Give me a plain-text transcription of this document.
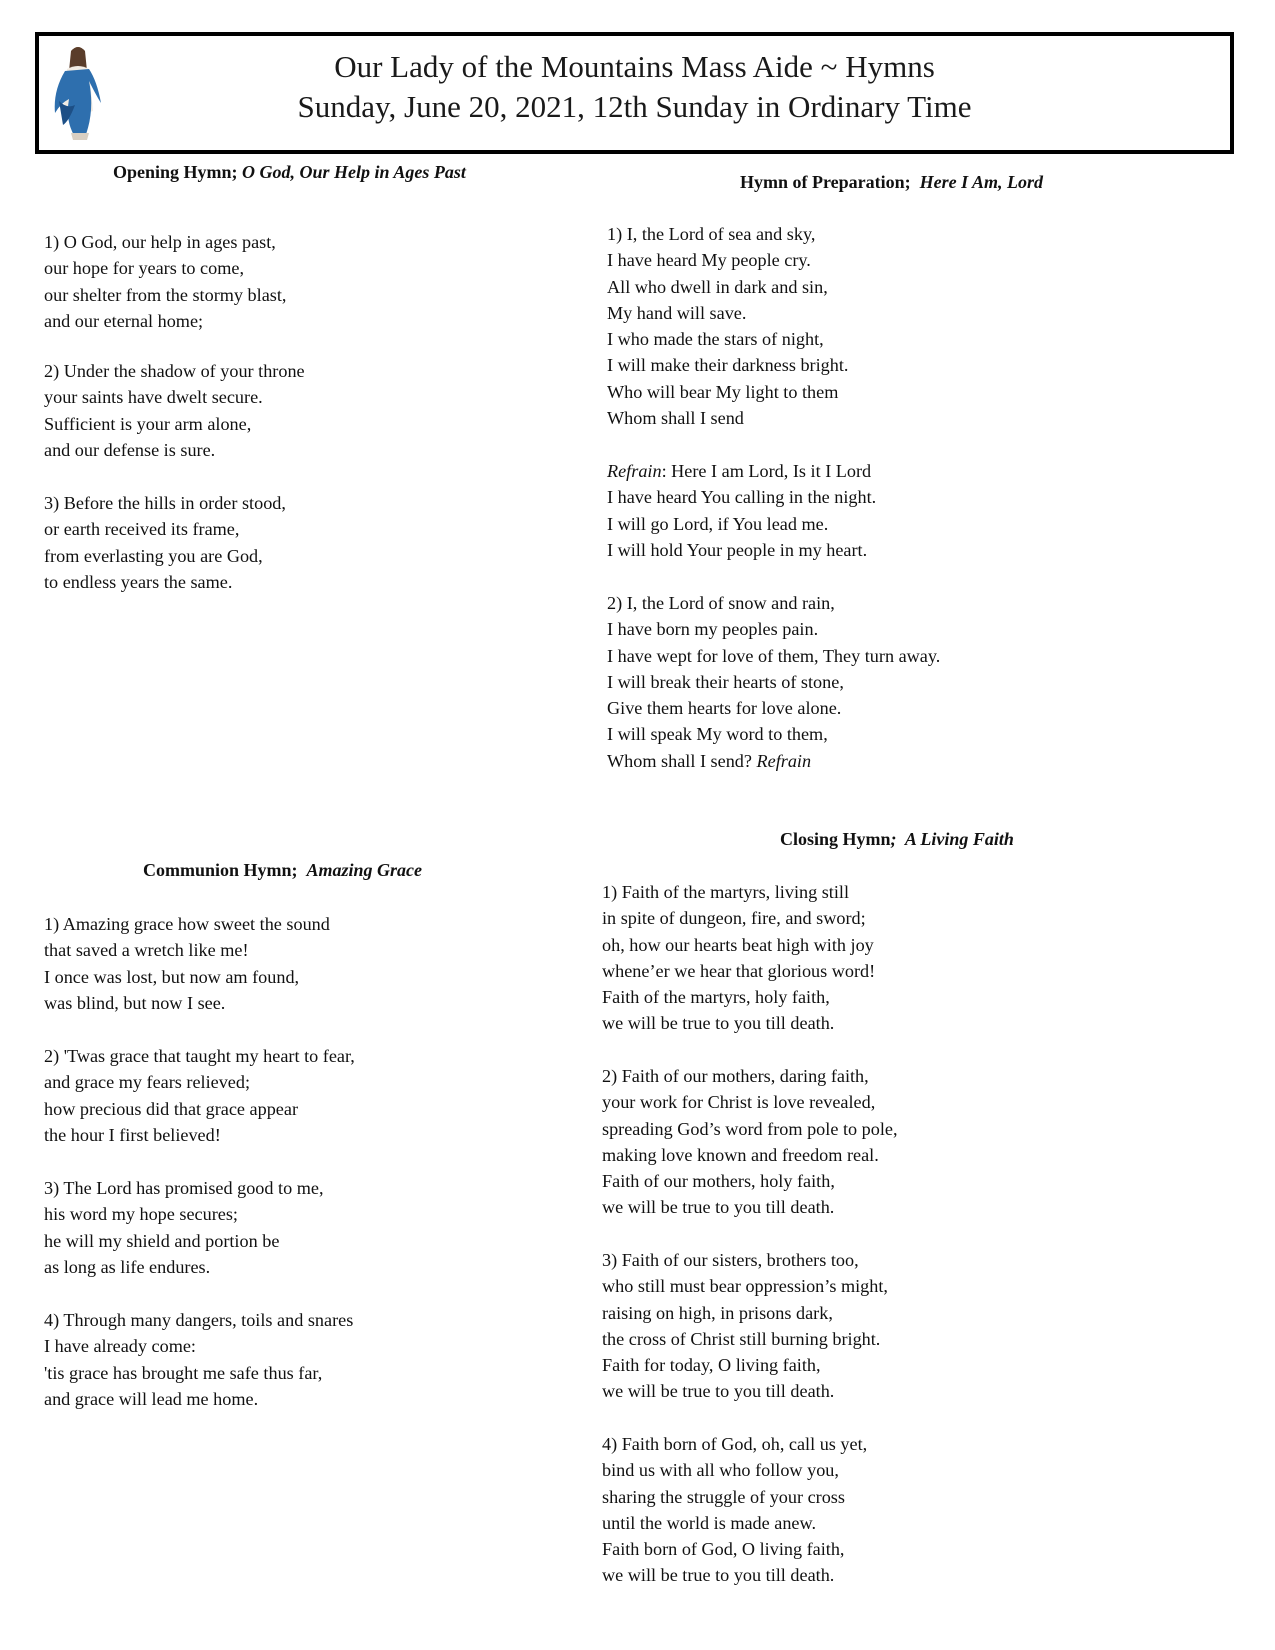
Our Lady of the Mountains Mass Aide ~ Hymns
Sunday, June 20, 2021, 12th Sunday in Ordinary Time
Opening Hymn; O God, Our Help in Ages Past
1) O God, our help in ages past,
our hope for years to come,
our shelter from the stormy blast,
and our eternal home;
2) Under the shadow of your throne
your saints have dwelt secure.
Sufficient is your arm alone,
and our defense is sure.
3) Before the hills in order stood,
or earth received its frame,
from everlasting you are God,
to endless years the same.
Hymn of Preparation;  Here I Am, Lord
1) I, the Lord of sea and sky,
I have heard My people cry.
All who dwell in dark and sin,
My hand will save.
I who made the stars of night,
I will make their darkness bright.
Who will bear My light to them
Whom shall I send
Refrain: Here I am Lord, Is it I Lord
I have heard You calling in the night.
I will go Lord, if You lead me.
I will hold Your people in my heart.
2) I, the Lord of snow and rain,
I have born my peoples pain.
I have wept for love of them, They turn away.
I will break their hearts of stone,
Give them hearts for love alone.
I will speak My word to them,
Whom shall I send? Refrain
Communion Hymn;  Amazing Grace
1) Amazing grace how sweet the sound
that saved a wretch like me!
I once was lost, but now am found,
was blind, but now I see.
2) 'Twas grace that taught my heart to fear,
and grace my fears relieved;
how precious did that grace appear
the hour I first believed!
3) The Lord has promised good to me,
his word my hope secures;
he will my shield and portion be
as long as life endures.
4) Through many dangers, toils and snares
I have already come:
'tis grace has brought me safe thus far,
and grace will lead me home.
Closing Hymn;  A Living Faith
1) Faith of the martyrs, living still
in spite of dungeon, fire, and sword;
oh, how our hearts beat high with joy
whene’er we hear that glorious word!
Faith of the martyrs, holy faith,
we will be true to you till death.
2) Faith of our mothers, daring faith,
your work for Christ is love revealed,
spreading God’s word from pole to pole,
making love known and freedom real.
Faith of our mothers, holy faith,
we will be true to you till death.
3) Faith of our sisters, brothers too,
who still must bear oppression’s might,
raising on high, in prisons dark,
the cross of Christ still burning bright.
Faith for today, O living faith,
we will be true to you till death.
4) Faith born of God, oh, call us yet,
bind us with all who follow you,
sharing the struggle of your cross
until the world is made anew.
Faith born of God, O living faith,
we will be true to you till death.
